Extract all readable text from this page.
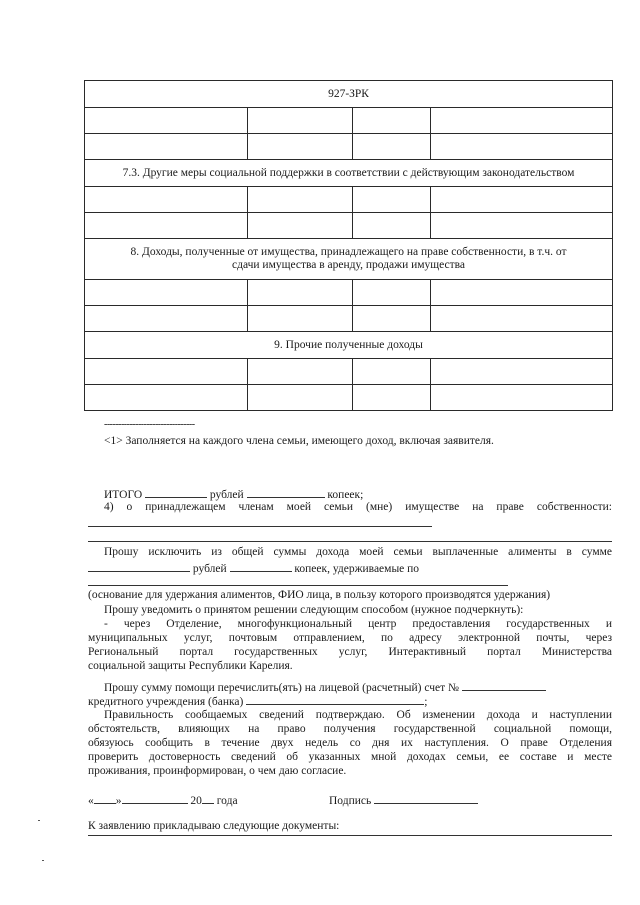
927-ЗРК			

7.3. Другие меры социальной поддержки в соответствии с действующим законодательством			

8. Доходы, полученные от имущества, принадлежащего на праве собственности, в т.ч. от
сдачи имущества в аренду, продажи имущества			

9. Прочие полученные доходы			

--------------------------------
<1> Заполняется на каждого члена семьи, имеющего доход, включая заявителя.
ИТОГО	рублей	копеек;
4) о принадлежащем членам моей семьи (мне) имуществе на праве собственности:
Прошу исключить из общей суммы дохода моей семьи выплаченные алименты в сумме
рублей	копеек, удерживаемые по
(основание для удержания алиментов, ФИО лица, в пользу которого производятся удержания)
Прошу уведомить о принятом решении следующим способом (нужное подчеркнуть):
- через Отделение, многофункциональный центр предоставления государственных и
муниципальных услуг, почтовым отправлением, по адресу электронной почты, через
Региональный портал государственных услуг, Интерактивный портал Министерства
социальной защиты Республики Карелия.
Прошу сумму помощи перечислить(ять) на лицевой (расчетный) счет №
кредитного учреждения (банка)	;
Правильность сообщаемых сведений подтверждаю. Об изменении дохода и наступлении
обстоятельств, влияющих на право получения государственной социальной помощи,
обязуюсь сообщить в течение двух недель со дня их наступления. О праве Отделения
проверить достоверность сведений об указанных мной доходах семьи, ее составе и месте
проживания, проинформирован, о чем даю согласие.
« »	20 года	Подпись
К заявлению прикладываю следующие документы:
